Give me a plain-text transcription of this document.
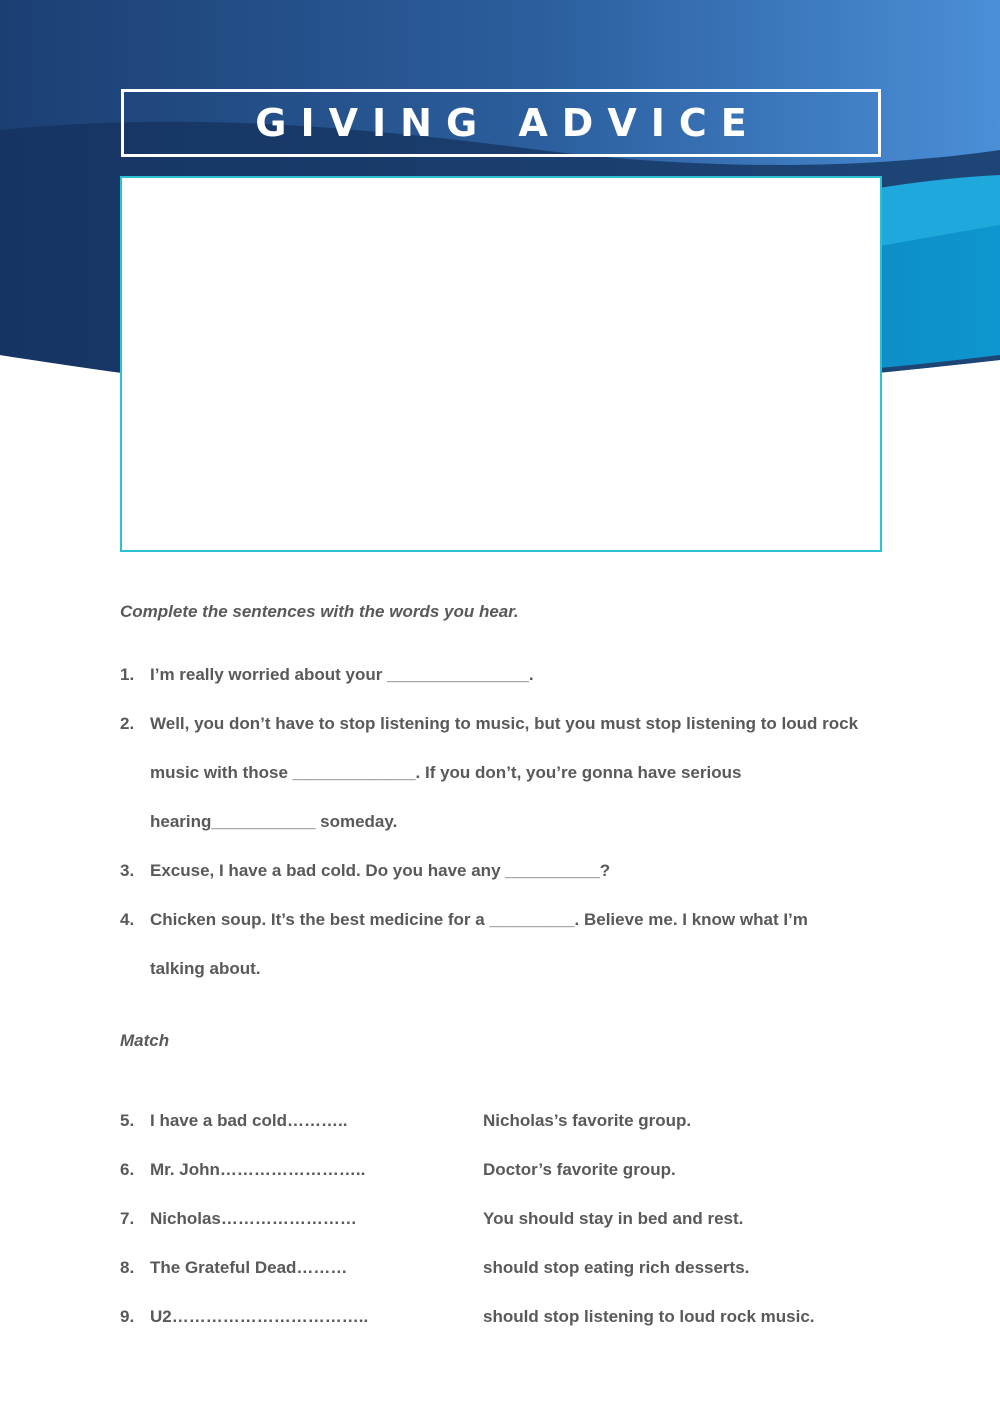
GIVING ADVICE

Complete the sentences with the words you hear.

1. I’m really worried about your _______________.
2. Well, you don’t have to stop listening to music, but you must stop listening to loud rock
music with those _____________. If you don’t, you’re gonna have serious
hearing___________ someday.
3. Excuse, I have a bad cold. Do you have any __________?
4. Chicken soup. It’s the best medicine for a _________. Believe me. I know what I’m
talking about.

Match

5. I have a bad cold………..	Nicholas’s favorite group.
6. Mr. John……………………..	Doctor’s favorite group.
7. Nicholas……………………	You should stay in bed and rest.
8. The Grateful Dead………	should stop eating rich desserts.
9. U2……………………………..	should stop listening to loud rock music.
